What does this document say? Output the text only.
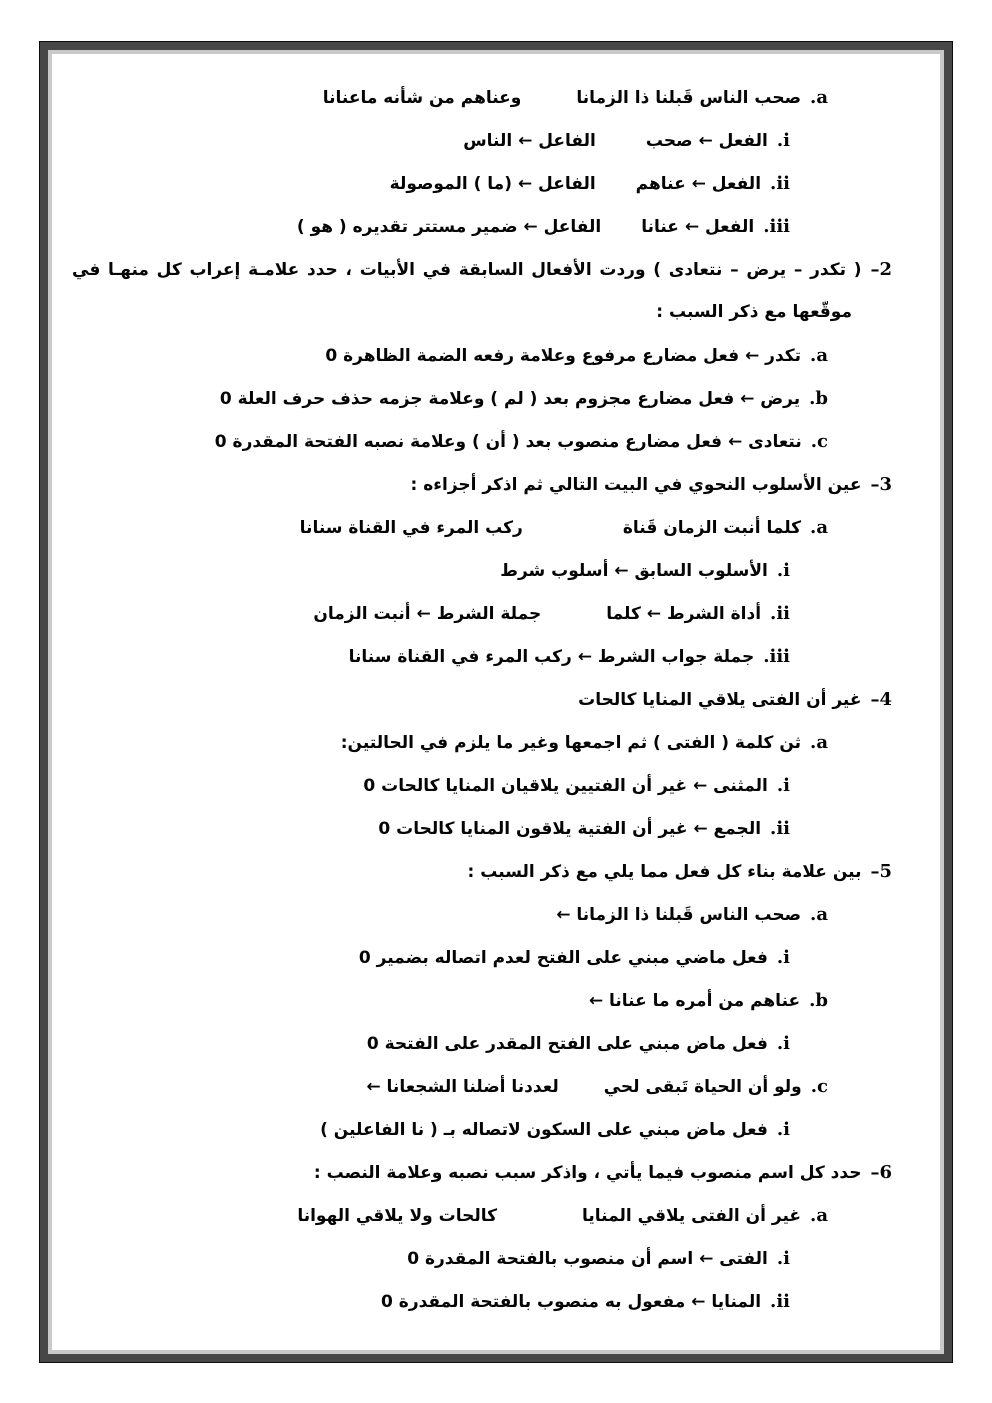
a.صحب الناس قَبلنا ذا الزماناوعناهم من شأنه ماعنانا
i.الفعل ← صحبالفاعل ← الناس
ii.الفعل ← عناهمالفاعل ← (ما ) الموصولة
iii.الفعل ← عناناالفاعل ← ضمير مستتر تقديره ( هو )
2–( تكدر – يرض – نتعادى ) وردت الأفعال السابقة في الأبيات ، حدد علامـة إعراب كل منهـا في
موقّعها مع ذكر السبب :
a.تكدر ← فعل مضارع مرفوع وعلامة رفعه الضمة الظاهرة 0
b.يرض ← فعل مضارع مجزوم بعد ( لم ) وعلامة جزمه حذف حرف العلة 0
c.نتعادى ← فعل مضارع منصوب بعد ( أن ) وعلامة نصبه الفتحة المقدرة 0
3–عين الأسلوب النحوي في البيت التالي ثم اذكر أجزاءه :
a.كلما أنبت الزمان قَناةركب المرء في القناة سنانا
i.الأسلوب السابق ← أسلوب شرط
ii.أداة الشرط ← كلماجملة الشرط ← أنبت الزمان
iii.جملة جواب الشرط ← ركب المرء في القناة سنانا
4–غير أن الفتى يلاقي المنايا كالحات
a.ثن كلمة ( الفتى ) ثم اجمعها وغير ما يلزم في الحالتين:
i.المثنى ← غير أن الفتيين يلاقيان المنايا كالحات 0
ii.الجمع ← غير أن الفتية يلاقون المنايا كالحات 0
5–بين علامة بناء كل فعل مما يلي مع ذكر السبب :
a.صحب الناس قَبلنا ذا الزمانا ←
i.فعل ماضي مبني على الفتح لعدم اتصاله بضمير 0
b.عناهم من أمره ما عنانا ←
i.فعل ماض مبني على الفتح المقدر على الفتحة 0
c.ولو أن الحياة تَبقى لحيلعددنا أضلنا الشجعانا ←
i.فعل ماض مبني على السكون لاتصاله بـ ( نا الفاعلين )
6–حدد كل اسم منصوب فيما يأتي ، واذكر سبب نصبه وعلامة النصب :
a.غير أن الفتى يلاقي المناياكالحات ولا يلاقي الهوانا
i.الفتى ← اسم أن منصوب بالفتحة المقدرة 0
ii.المنايا ← مفعول به منصوب بالفتحة المقدرة 0
